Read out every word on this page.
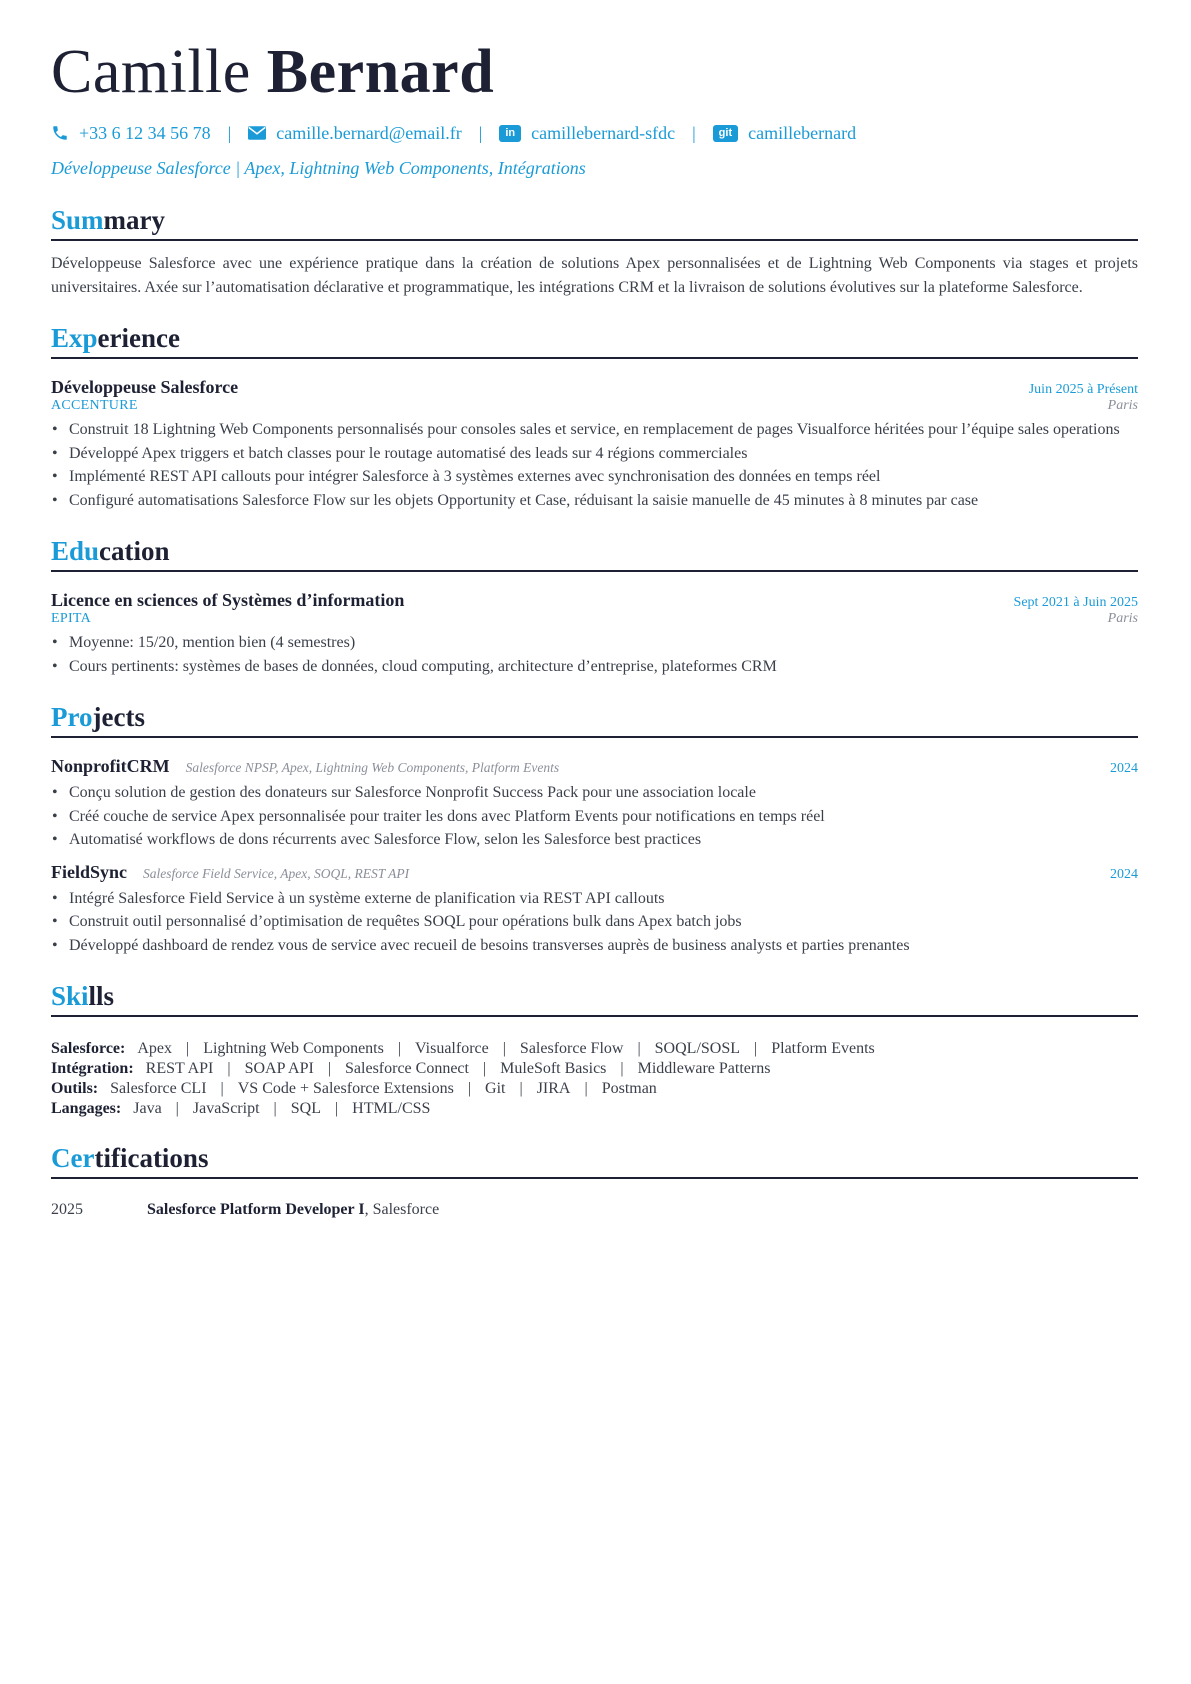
Camille Bernard
+33 6 12 34 56 78 |	camille.bernard@email.fr |	in camillebernard-sfdc |	git camillebernard
Développeuse Salesforce | Apex, Lightning Web Components, Intégrations
Summary

Développeuse Salesforce avec une expérience pratique dans la création de solutions Apex personnalisées et de Lightning Web Components via stages et projets universitaires. Axée sur l’automatisation déclarative et programmatique, les intégrations CRM et la livraison de solutions évolutives sur la plateforme Salesforce.

Experience
Développeuse Salesforce	Juin 2025 à Présent
ACCENTURE	Paris
• Construit 18 Lightning Web Components personnalisés pour consoles sales et service, en remplacement de pages Visualforce héritées pour l’équipe sales operations
• Développé Apex triggers et batch classes pour le routage automatisé des leads sur 4 régions commerciales
• Implémenté REST API callouts pour intégrer Salesforce à 3 systèmes externes avec synchronisation des données en temps réel
• Configuré automatisations Salesforce Flow sur les objets Opportunity et Case, réduisant la saisie manuelle de 45 minutes à 8 minutes par case
Education
Licence en sciences of Systèmes d’information	Sept 2021 à Juin 2025
EPITA	Paris
• Moyenne: 15/20, mention bien (4 semestres)
• Cours pertinents: systèmes de bases de données, cloud computing, architecture d’entreprise, plateformes CRM
Projects
NonprofitCRM Salesforce NPSP, Apex, Lightning Web Components, Platform Events	2024
• Conçu solution de gestion des donateurs sur Salesforce Nonprofit Success Pack pour une association locale
• Créé couche de service Apex personnalisée pour traiter les dons avec Platform Events pour notifications en temps réel
• Automatisé workflows de dons récurrents avec Salesforce Flow, selon les Salesforce best practices
FieldSync Salesforce Field Service, Apex, SOQL, REST API	2024
• Intégré Salesforce Field Service à un système externe de planification via REST API callouts
• Construit outil personnalisé d’optimisation de requêtes SOQL pour opérations bulk dans Apex batch jobs
• Développé dashboard de rendez vous de service avec recueil de besoins transverses auprès de business analysts et parties prenantes
Skills
Salesforce: Apex | Lightning Web Components | Visualforce | Salesforce Flow | SOQL/SOSL | Platform Events
Intégration: REST API | SOAP API | Salesforce Connect | MuleSoft Basics | Middleware Patterns
Outils: Salesforce CLI | VS Code + Salesforce Extensions | Git | JIRA | Postman
Langages: Java | JavaScript | SQL | HTML/CSS
Certifications
2025	Salesforce Platform Developer I, Salesforce
